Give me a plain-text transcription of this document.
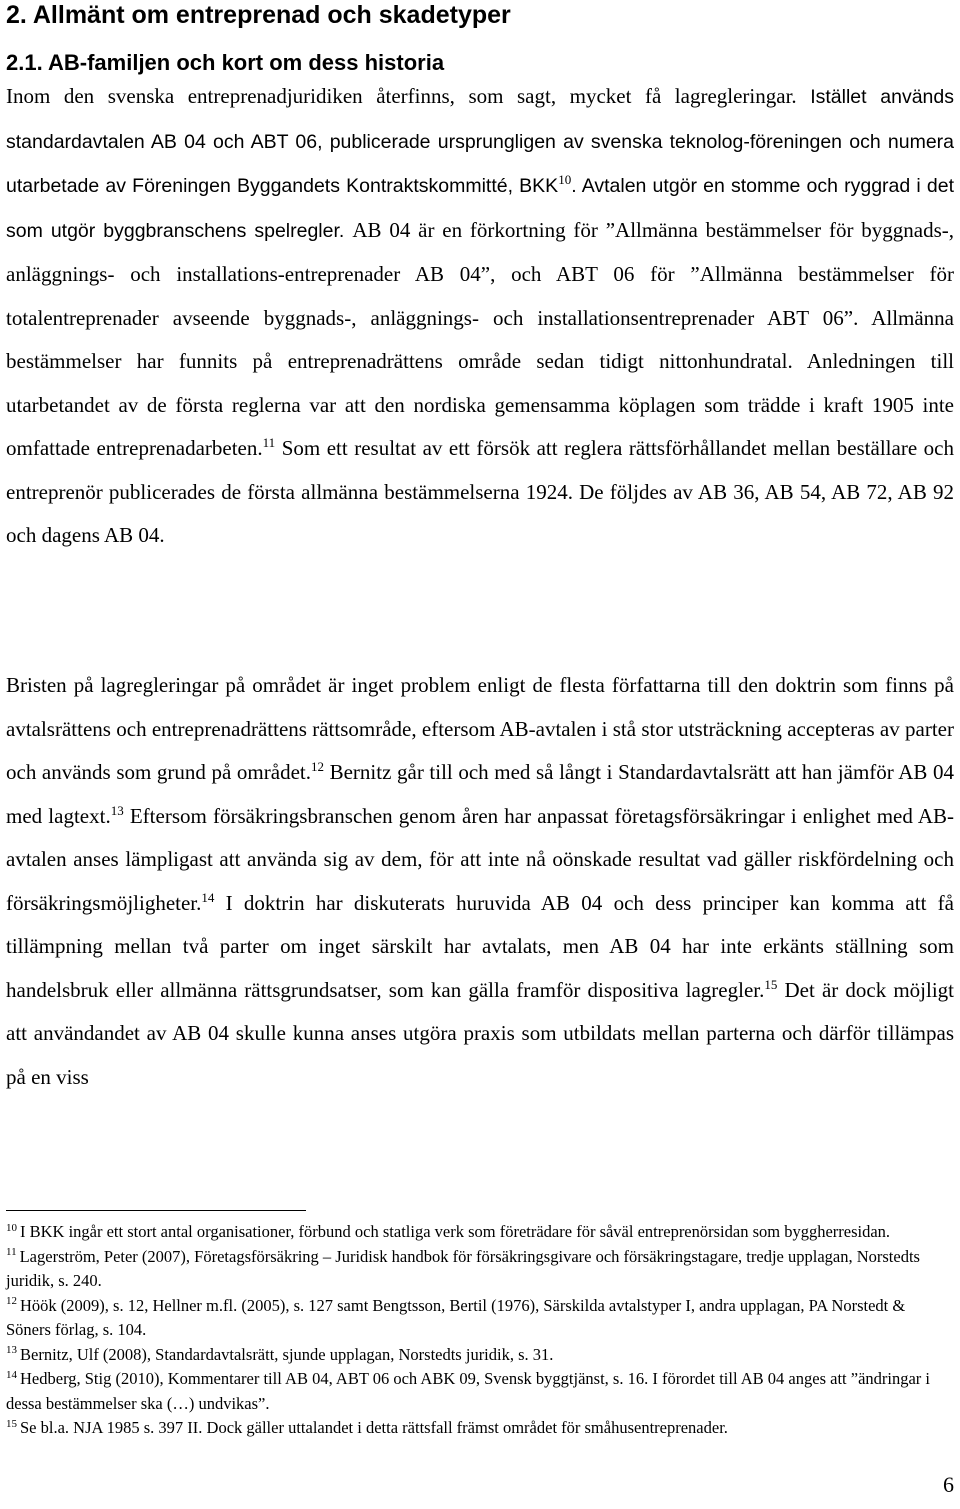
2. Allmänt om entreprenad och skadetyper
2.1. AB-familjen och kort om dess historia
Inom den svenska entreprenadjuridiken återfinns, som sagt, mycket få lagregleringar. Istället används standardavtalen AB 04 och ABT 06, publicerade ursprungligen av svenska teknolog-föreningen och numera utarbetade av Föreningen Byggandets Kontraktskommitté, BKK$^{10}$. Avtalen utgör en stomme och ryggrad i det som utgör byggbranschens spelregler. AB 04 är en förkortning för ”Allmänna bestämmelser för byggnads-, anläggnings- och installations-entreprenader AB 04”, och ABT 06 för ”Allmänna bestämmelser för totalentreprenader avseende byggnads-, anläggnings- och installationsentreprenader ABT 06”. Allmänna bestämmelser har funnits på entreprenadrättens område sedan tidigt nittonhundratal. Anledningen till utarbetandet av de första reglerna var att den nordiska gemensamma köplagen som trädde i kraft 1905 inte omfattade entreprenadarbeten.$^{11}$ Som ett resultat av ett försök att reglera rättsförhållandet mellan beställare och entreprenör publicerades de första allmänna bestämmelserna 1924. De följdes av AB 36, AB 54, AB 72, AB 92 och dagens AB 04.
Bristen på lagregleringar på området är inget problem enligt de flesta författarna till den doktrin som finns på avtalsrättens och entreprenadrättens rättsområde, eftersom AB-avtalen i stå stor utsträckning accepteras av parter och används som grund på området.$^{12}$ Bernitz går till och med så långt i Standardavtalsrätt att han jämför AB 04 med lagtext.$^{13}$ Eftersom försäkringsbranschen genom åren har anpassat företagsförsäkringar i enlighet med AB-avtalen anses lämpligast att använda sig av dem, för att inte nå oönskade resultat vad gäller riskfördelning och försäkringsmöjligheter.$^{14}$ I doktrin har diskuterats huruvida AB 04 och dess principer kan komma att få tillämpning mellan två parter om inget särskilt har avtalats, men AB 04 har inte erkänts ställning som handelsbruk eller allmänna rättsgrundsatser, som kan gälla framför dispositiva lagregler.$^{15}$ Det är dock möjligt att användandet av AB 04 skulle kunna anses utgöra praxis som utbildats mellan parterna och därför tillämpas på en viss

$^{10}$ I BKK ingår ett stort antal organisationer, förbund och statliga verk som företrädare för såväl entreprenörsidan som byggherresidan.

$^{11}$ Lagerström, Peter (2007), Företagsförsäkring – Juridisk handbok för försäkringsgivare och försäkringstagare, tredje upplagan, Norstedts juridik, s. 240.

$^{12}$ Höök (2009), s. 12, Hellner m.fl. (2005), s. 127 samt Bengtsson, Bertil (1976), Särskilda avtalstyper I, andra upplagan, PA Norstedt & Söners förlag, s. 104.

$^{13}$ Bernitz, Ulf (2008), Standardavtalsrätt, sjunde upplagan, Norstedts juridik, s. 31.

$^{14}$ Hedberg, Stig (2010), Kommentarer till AB 04, ABT 06 och ABK 09, Svensk byggtjänst, s. 16. I förordet till AB 04 anges att ”ändringar i dessa bestämmelser ska (…) undvikas”.

$^{15}$ Se bl.a. NJA 1985 s. 397 II. Dock gäller uttalandet i detta rättsfall främst området för småhusentreprenader.

6
